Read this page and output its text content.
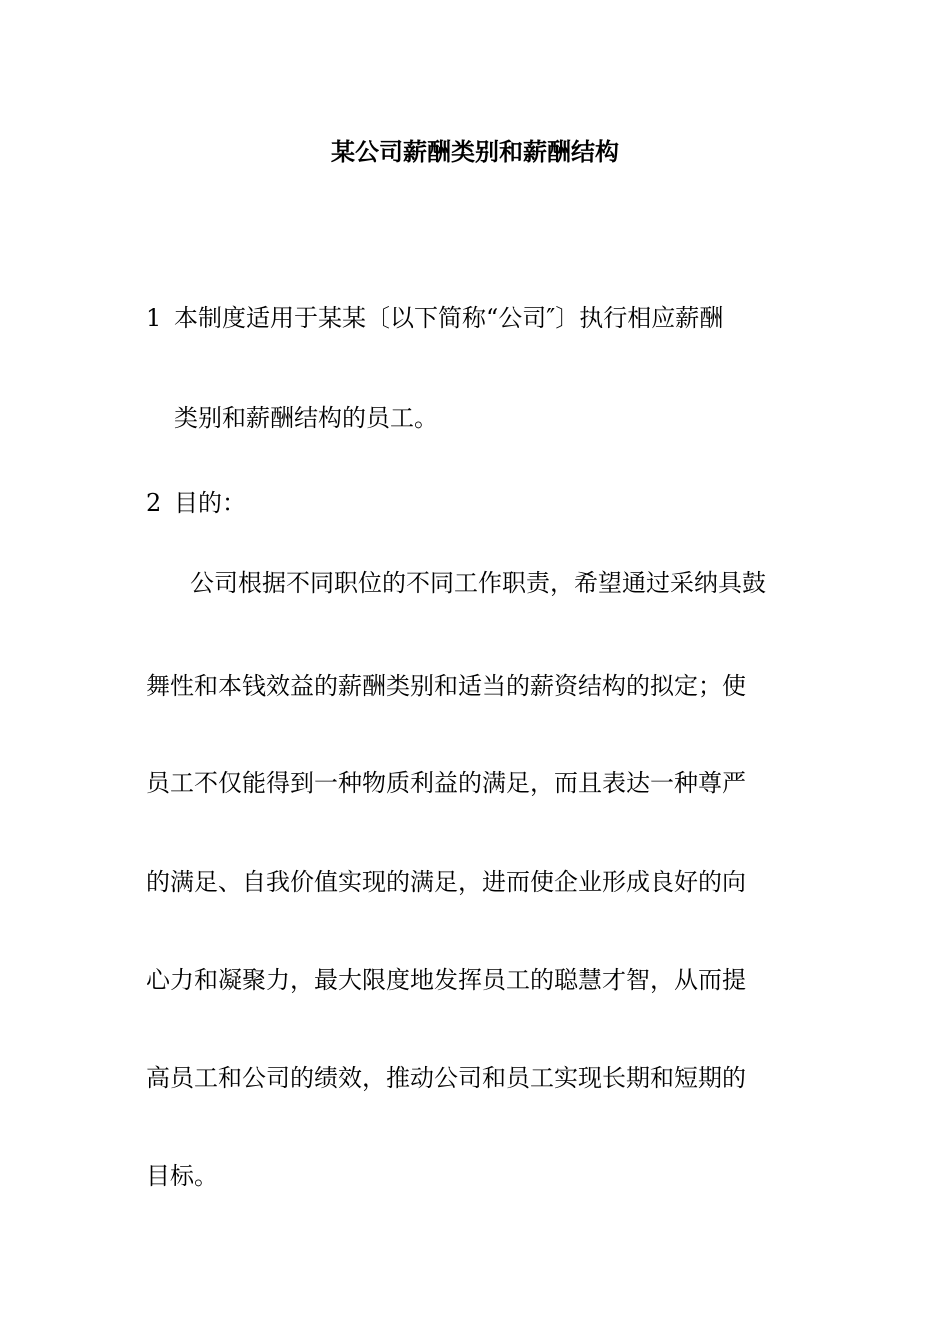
某公司薪酬类别和薪酬结构
1 本制度适用于某某〔以下简称“公司″〕执行相应薪酬
类别和薪酬结构的员工。
2 目的：
公司根据不同职位的不同工作职责，希望通过采纳具鼓
舞性和本钱效益的薪酬类别和适当的薪资结构的拟定；使
员工不仅能得到一种物质利益的满足，而且表达一种尊严
的满足、自我价值实现的满足，进而使企业形成良好的向
心力和凝聚力，最大限度地发挥员工的聪慧才智，从而提
高员工和公司的绩效，推动公司和员工实现长期和短期的
目标。
